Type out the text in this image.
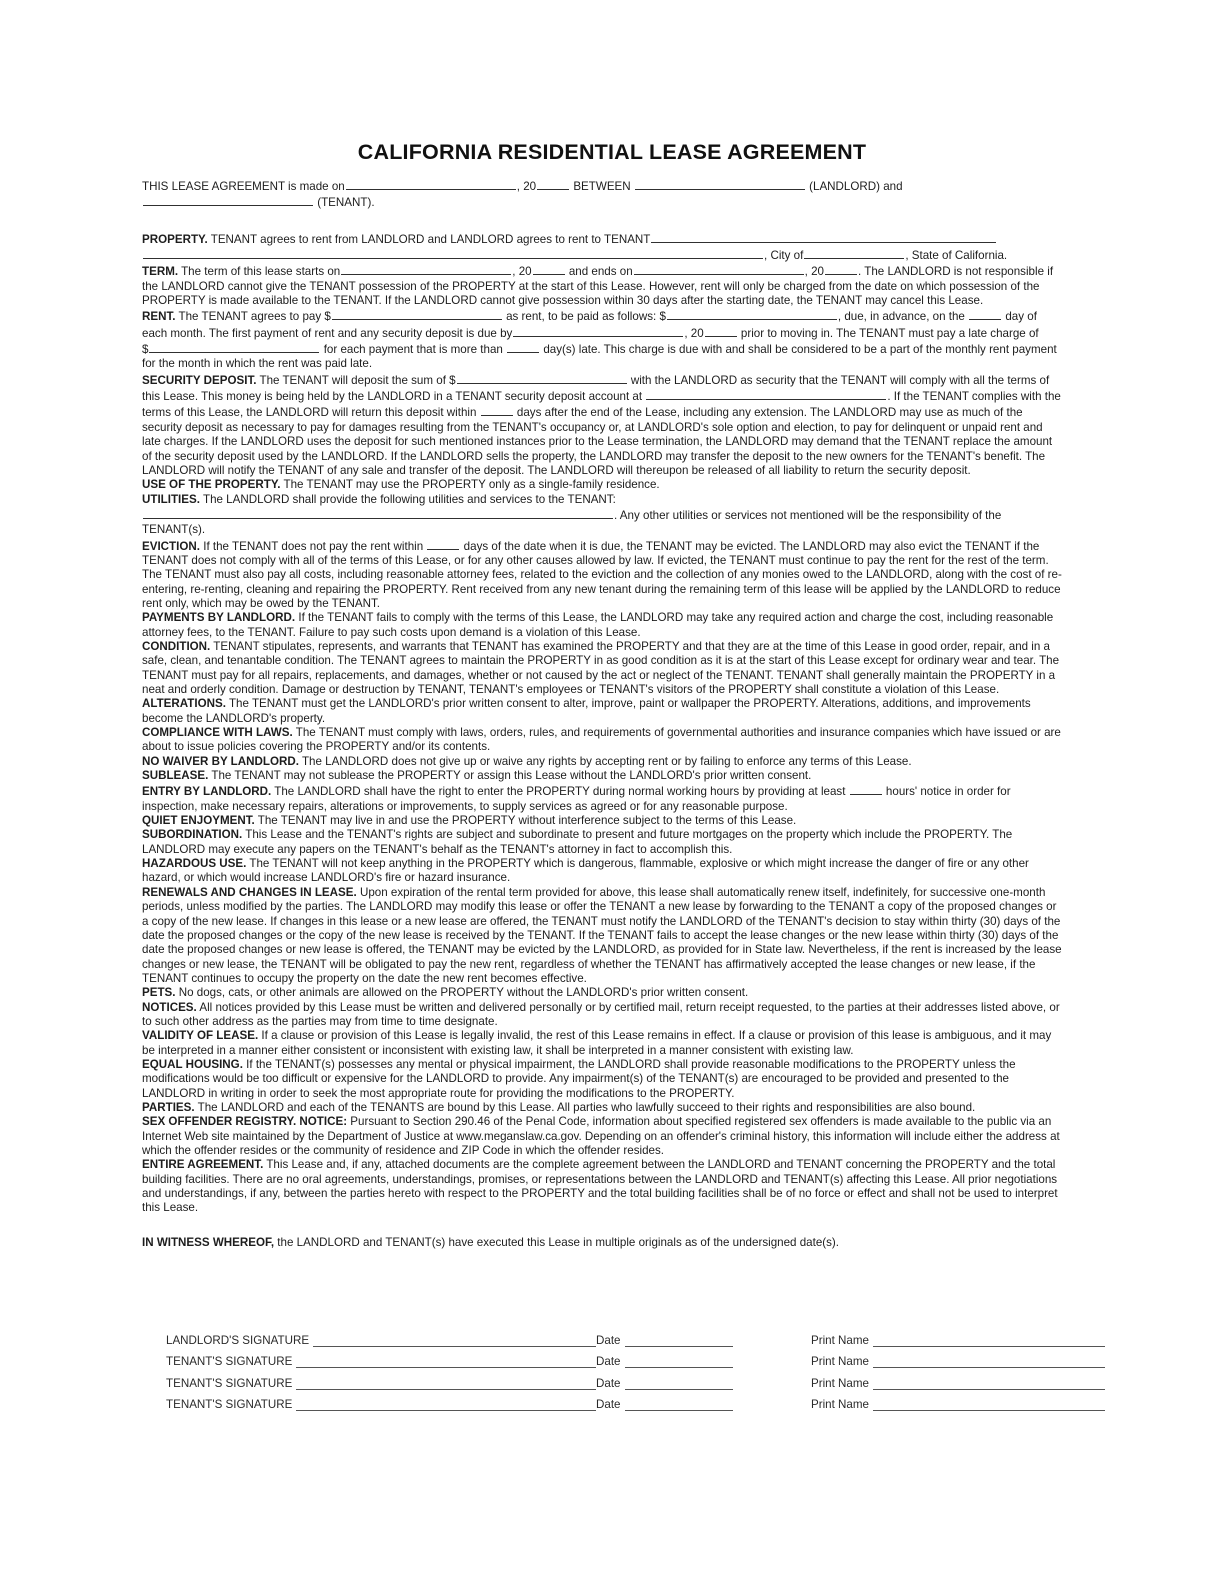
CALIFORNIA RESIDENTIAL LEASE AGREEMENT

THIS LEASE AGREEMENT is made on	, 20	BETWEEN	(LANDLORD) and  (TENANT).

PROPERTY. TENANT agrees to rent from LANDLORD and LANDLORD agrees to rent to TENANT
, City of	, State of California.

TERM. The term of this lease starts on	, 20	and ends on	, 20	. The LANDLORD is not responsible if the LANDLORD cannot give the TENANT possession of the PROPERTY at the start of this Lease. However, rent will only be charged from the date on which possession of the PROPERTY is made available to the TENANT. If the LANDLORD cannot give possession within 30 days after the starting date, the TENANT may cancel this Lease.

RENT. The TENANT agrees to pay $	as rent, to be paid as follows: $	, due, in advance, on the	day of each month. The first payment of rent and any security deposit is due by	, 20	prior to moving in. The TENANT must pay a late charge of
$	for each payment that is more than	day(s) late. This charge is due with and shall be considered to be a part of the monthly rent payment for the month in which the rent was paid late.

SECURITY DEPOSIT. The TENANT will deposit the sum of $	with the LANDLORD as security that the TENANT will comply with all the terms of this Lease. This money is being held by the LANDLORD in a TENANT security deposit account at	. If the TENANT complies with the terms of this Lease, the LANDLORD will return this deposit within	days after the end of the Lease, including any extension. The LANDLORD may use as much of the security deposit as necessary to pay for damages resulting from the TENANT's occupancy or, at LANDLORD's sole option and election, to pay for delinquent or unpaid rent and late charges. If the LANDLORD uses the deposit for such mentioned instances prior to the Lease termination, the LANDLORD may demand that the TENANT replace the amount of the security deposit used by the LANDLORD. If the LANDLORD sells the property, the LANDLORD may transfer the deposit to the new owners for the TENANT's benefit. The LANDLORD will notify the TENANT of any sale and transfer of the deposit. The LANDLORD will thereupon be released of all liability to return the security deposit.

USE OF THE PROPERTY. The TENANT may use the PROPERTY only as a single-family residence.

UTILITIES. The LANDLORD shall provide the following utilities and services to the TENANT: . Any other utilities or services not mentioned will be the responsibility of the TENANT(s).

EVICTION. If the TENANT does not pay the rent within	days of the date when it is due, the TENANT may be evicted. The LANDLORD may also evict the TENANT if the TENANT does not comply with all of the terms of this Lease, or for any other causes allowed by law. If evicted, the TENANT must continue to pay the rent for the rest of the term. The TENANT must also pay all costs, including reasonable attorney fees, related to the eviction and the collection of any monies owed to the LANDLORD, along with the cost of re-entering, re-renting, cleaning and repairing the PROPERTY. Rent received from any new tenant during the remaining term of this lease will be applied by the LANDLORD to reduce rent only, which may be owed by the TENANT.

PAYMENTS BY LANDLORD. If the TENANT fails to comply with the terms of this Lease, the LANDLORD may take any required action and charge the cost, including reasonable attorney fees, to the TENANT. Failure to pay such costs upon demand is a violation of this Lease.

CONDITION. TENANT stipulates, represents, and warrants that TENANT has examined the PROPERTY and that they are at the time of this Lease in good order, repair, and in a safe, clean, and tenantable condition. The TENANT agrees to maintain the PROPERTY in as good condition as it is at the start of this Lease except for ordinary wear and tear. The TENANT must pay for all repairs, replacements, and damages, whether or not caused by the act or neglect of the TENANT. TENANT shall generally maintain the PROPERTY in a neat and orderly condition. Damage or destruction by TENANT, TENANT's employees or TENANT's visitors of the PROPERTY shall constitute a violation of this Lease.

ALTERATIONS. The TENANT must get the LANDLORD's prior written consent to alter, improve, paint or wallpaper the PROPERTY. Alterations, additions, and improvements become the LANDLORD's property.

COMPLIANCE WITH LAWS. The TENANT must comply with laws, orders, rules, and requirements of governmental authorities and insurance companies which have issued or are about to issue policies covering the PROPERTY and/or its contents.

NO WAIVER BY LANDLORD. The LANDLORD does not give up or waive any rights by accepting rent or by failing to enforce any terms of this Lease.

SUBLEASE. The TENANT may not sublease the PROPERTY or assign this Lease without the LANDLORD's prior written consent.

ENTRY BY LANDLORD. The LANDLORD shall have the right to enter the PROPERTY during normal working hours by providing at least	hours' notice in order for inspection, make necessary repairs, alterations or improvements, to supply services as agreed or for any reasonable purpose.

QUIET ENJOYMENT. The TENANT may live in and use the PROPERTY without interference subject to the terms of this Lease.

SUBORDINATION. This Lease and the TENANT's rights are subject and subordinate to present and future mortgages on the property which include the PROPERTY. The LANDLORD may execute any papers on the TENANT's behalf as the TENANT's attorney in fact to accomplish this.

HAZARDOUS USE. The TENANT will not keep anything in the PROPERTY which is dangerous, flammable, explosive or which might increase the danger of fire or any other hazard, or which would increase LANDLORD's fire or hazard insurance.

RENEWALS AND CHANGES IN LEASE. Upon expiration of the rental term provided for above, this lease shall automatically renew itself, indefinitely, for successive one-month periods, unless modified by the parties. The LANDLORD may modify this lease or offer the TENANT a new lease by forwarding to the TENANT a copy of the proposed changes or a copy of the new lease. If changes in this lease or a new lease are offered, the TENANT must notify the LANDLORD of the TENANT's decision to stay within thirty (30) days of the date the proposed changes or the copy of the new lease is received by the TENANT. If the TENANT fails to accept the lease changes or the new lease within thirty (30) days of the date the proposed changes or new lease is offered, the TENANT may be evicted by the LANDLORD, as provided for in State law. Nevertheless, if the rent is increased by the lease changes or new lease, the TENANT will be obligated to pay the new rent, regardless of whether the TENANT has affirmatively accepted the lease changes or new lease, if the TENANT continues to occupy the property on the date the new rent becomes effective.

PETS. No dogs, cats, or other animals are allowed on the PROPERTY without the LANDLORD's prior written consent.

NOTICES. All notices provided by this Lease must be written and delivered personally or by certified mail, return receipt requested, to the parties at their addresses listed above, or to such other address as the parties may from time to time designate.

VALIDITY OF LEASE. If a clause or provision of this Lease is legally invalid, the rest of this Lease remains in effect. If a clause or provision of this lease is ambiguous, and it may be interpreted in a manner either consistent or inconsistent with existing law, it shall be interpreted in a manner consistent with existing law.

EQUAL HOUSING. If the TENANT(s) possesses any mental or physical impairment, the LANDLORD shall provide reasonable modifications to the PROPERTY unless the modifications would be too difficult or expensive for the LANDLORD to provide. Any impairment(s) of the TENANT(s) are encouraged to be provided and presented to the LANDLORD in writing in order to seek the most appropriate route for providing the modifications to the PROPERTY.

PARTIES. The LANDLORD and each of the TENANTS are bound by this Lease. All parties who lawfully succeed to their rights and responsibilities are also bound.

SEX OFFENDER REGISTRY. NOTICE: Pursuant to Section 290.46 of the Penal Code, information about specified registered sex offenders is made available to the public via an Internet Web site maintained by the Department of Justice at www.meganslaw.ca.gov. Depending on an offender's criminal history, this information will include either the address at which the offender resides or the community of residence and ZIP Code in which the offender resides.

ENTIRE AGREEMENT. This Lease and, if any, attached documents are the complete agreement between the LANDLORD and TENANT concerning the PROPERTY and the total building facilities. There are no oral agreements, understandings, promises, or representations between the LANDLORD and TENANT(s) affecting this Lease. All prior negotiations and understandings, if any, between the parties hereto with respect to the PROPERTY and the total building facilities shall be of no force or effect and shall not be used to interpret this Lease.

IN WITNESS WHEREOF, the LANDLORD and TENANT(s) have executed this Lease in multiple originals as of the undersigned date(s).

LANDLORD'S SIGNATURE	Date	Print Name
TENANT'S SIGNATURE	Date	Print Name
TENANT'S SIGNATURE	Date	Print Name
TENANT'S SIGNATURE	Date	Print Name
